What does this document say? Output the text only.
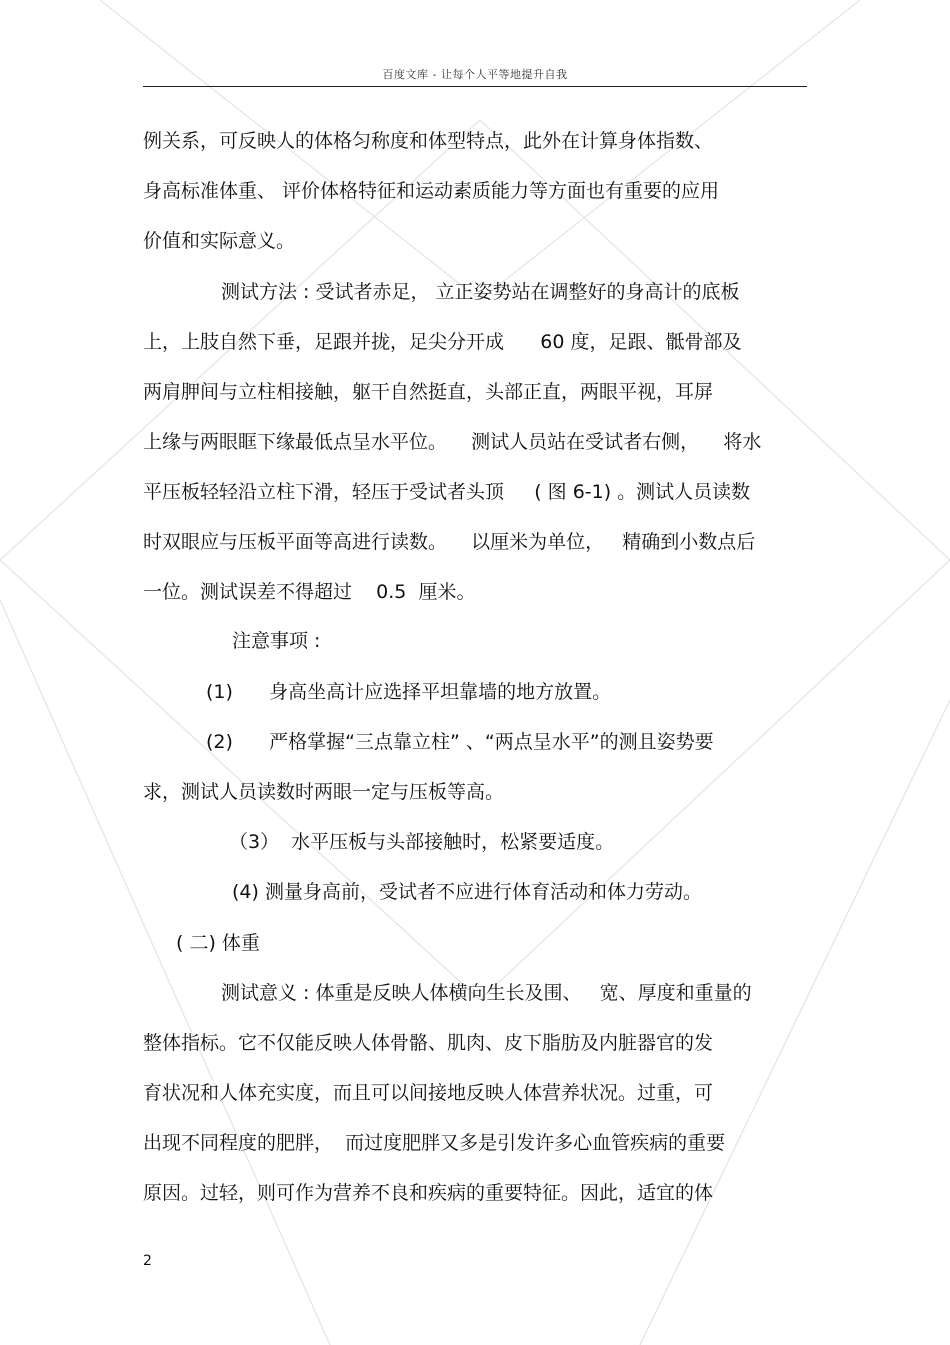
百度文库 - 让每个人平等地提升自我
例关系，可反映人的体格匀称度和体型特点，此外在计算身体指数、
身高标准体重、 评价体格特征和运动素质能力等方面也有重要的应用
价值和实际意义。
测试方法 : 受试者赤足， 立正姿势站在调整好的身高计的底板
上，上肢自然下垂，足跟并拢，足尖分开成      60 度，足跟、骶骨部及
两肩胛间与立柱相接触，躯干自然挺直，头部正直，两眼平视，耳屏
上缘与两眼眶下缘最低点呈水平位。    测试人员站在受试者右侧，    将水
平压板轻轻沿立柱下滑，轻压于受试者头顶     ( 图 6-1) 。测试人员读数
时双眼应与压板平面等高进行读数。    以厘米为单位，   精确到小数点后
一位。测试误差不得超过    0.5  厘米。
注意事项 :
(1)      身高坐高计应选择平坦靠墙的地方放置。
(2)      严格掌握“三点靠立柱” 、“两点呈水平”的测且姿势要
求，测试人员读数时两眼一定与压板等高。
（3）  水平压板与头部接触时，松紧要适度。
(4) 测量身高前，受试者不应进行体育活动和体力劳动。
( 二) 体重
测试意义 : 体重是反映人体横向生长及围、   宽、厚度和重量的
整体指标。它不仅能反映人体骨骼、肌肉、皮下脂肪及内脏器官的发
育状况和人体充实度，而且可以间接地反映人体营养状况。过重，可
出现不同程度的肥胖，  而过度肥胖又多是引发许多心血管疾病的重要
原因。过轻，则可作为营养不良和疾病的重要特征。因此，适宜的体
2
